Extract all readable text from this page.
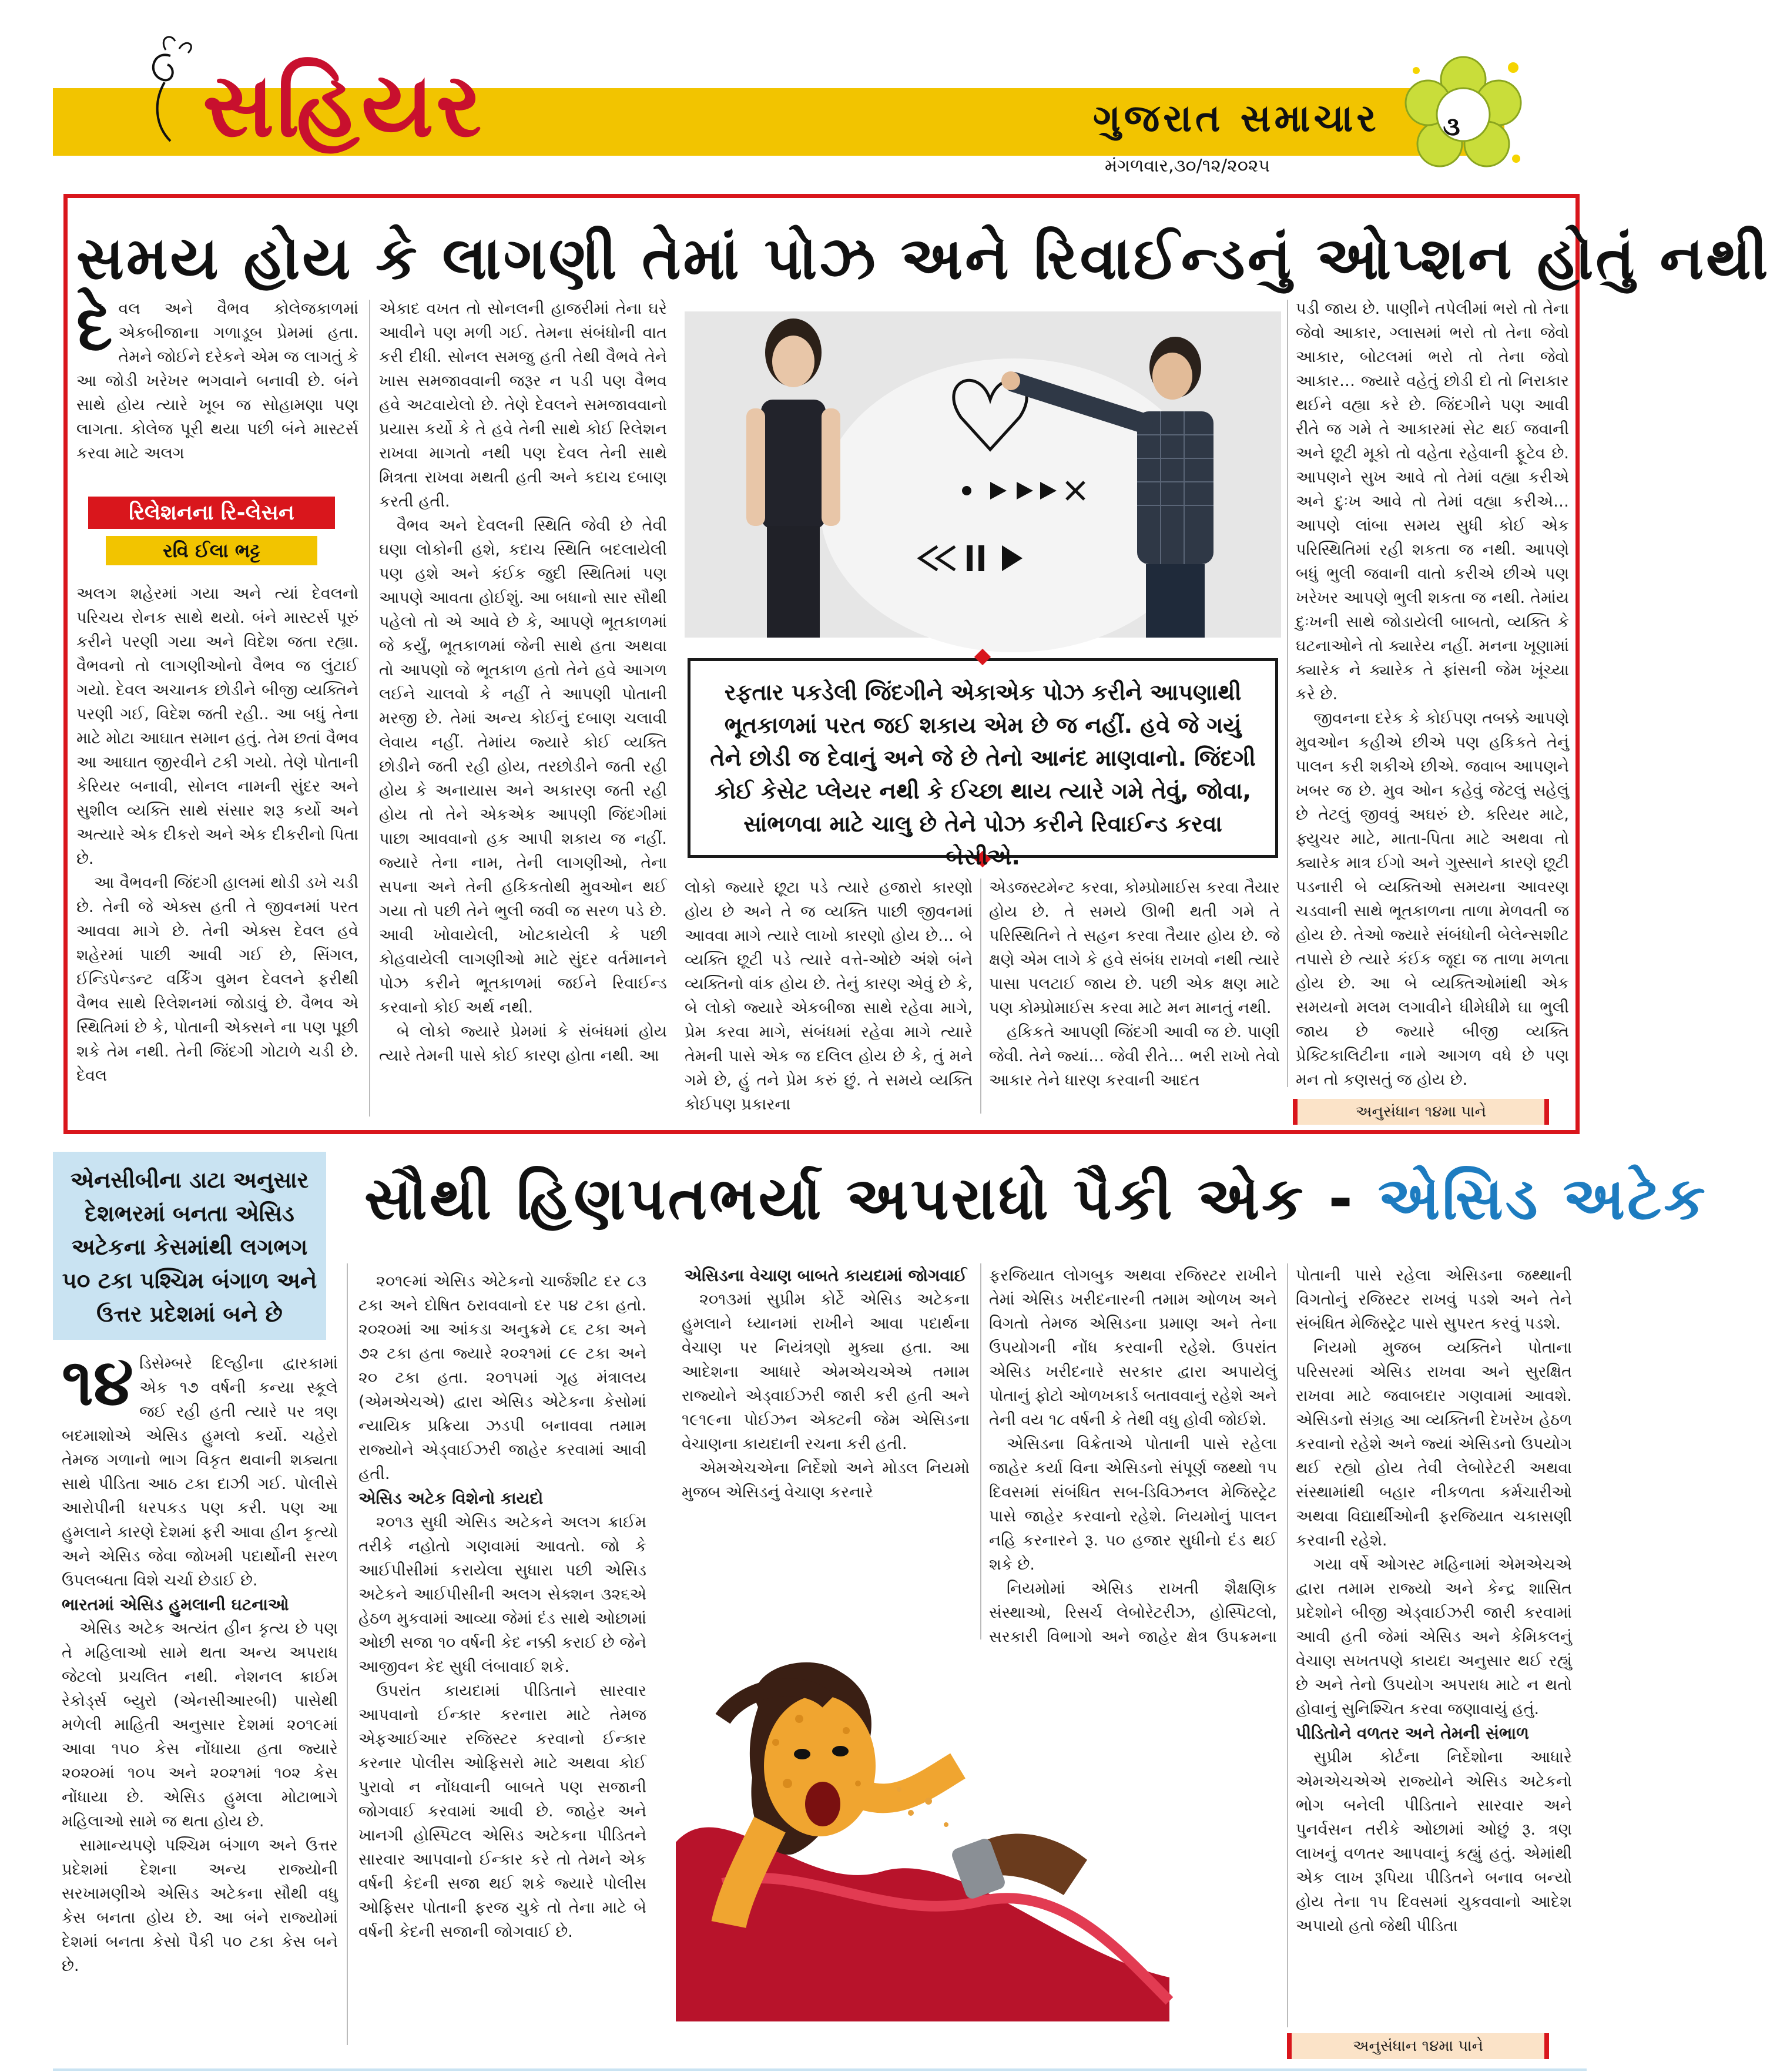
સહિયર	ગુજરાત સમાચાર
મંગળવાર,૩૦/૧૨/૨૦૨૫
૩
સમય હોય કે લાગણી તેમાં પોઝ અને રિવાઈન્ડનું ઓપ્શન હોતું નથી
દે વલ અને વૈભવ કોલેજકાળમાં એકબીજાના ગળાડૂબ પ્રેમમાં હતા. તેમને જોઈને દરેકને એમ જ લાગતું કે આ જોડી ખરેખર ભગવાને બનાવી છે. બંને સાથે હોય ત્યારે ખૂબ જ સોહામણા પણ લાગતા. કોલેજ પૂરી થયા પછી બંને માસ્ટર્સ કરવા માટે અલગ
રિલેશનના રિ-લેસન
રવિ ઈલા ભટ્ટ

અલગ શહેરમાં ગયા અને ત્યાં દેવલનો પરિચય રોનક સાથે થયો. બંને માસ્ટર્સ પૂરું કરીને પરણી ગયા અને વિદેશ જતા રહ્યા. વૈભવનો તો લાગણીઓનો વૈભવ જ લુંટાઈ ગયો. દેવલ અચાનક છોડીને બીજી વ્યક્તિને પરણી ગઈ, વિદેશ જતી રહી.. આ બધું તેના માટે મોટા આઘાત સમાન હતું. તેમ છતાં વૈભવ આ આઘાત જીરવીને ટકી ગયો. તેણે પોતાની કેરિયર બનાવી, સોનલ નામની સુંદર અને સુશીલ વ્યક્તિ સાથે સંસાર શરૂ કર્યો અને અત્યારે એક દીકરો અને એક દીકરીનો પિતા છે.

આ વૈભવની જિંદગી હાલમાં થોડી ડખે ચડી છે. તેની જે એક્સ હતી તે જીવનમાં પરત આવવા માગે છે. તેની એક્સ દેવલ હવે શહેરમાં પાછી આવી ગઈ છે, સિંગલ, ઈન્ડિપેન્ડન્ટ વર્કિંગ વુમન દેવલને ફરીથી વૈભવ સાથે રિલેશનમાં જોડાવું છે. વૈભવ એ સ્થિતિમાં છે કે, પોતાની એક્સને ના પણ પૂછી શકે તેમ નથી. તેની જિંદગી ગોટાળે ચડી છે. દેવલ

એકાદ વખત તો સોનલની હાજરીમાં તેના ઘરે આવીને પણ મળી ગઈ. તેમના સંબંધોની વાત કરી દીધી. સોનલ સમજુ હતી તેથી વૈભવે તેને ખાસ સમજાવવાની જરૂર ન પડી પણ વૈભવ હવે અટવાયેલો છે. તેણે દેવલને સમજાવવાનો પ્રયાસ કર્યો કે તે હવે તેની સાથે કોઈ રિલેશન રાખવા માગતો નથી પણ દેવલ તેની સાથે મિત્રતા રાખવા મથતી હતી અને કદાચ દબાણ કરતી હતી.

વૈભવ અને દેવલની સ્થિતિ જેવી છે તેવી ઘણા લોકોની હશે, કદાચ સ્થિતિ બદલાયેલી પણ હશે અને કંઈક જુદી સ્થિતિમાં પણ આપણે આવતા હોઈશું. આ બધાનો સાર સૌથી પહેલો તો એ આવે છે કે, આપણે ભૂતકાળમાં જે કર્યું, ભૂતકાળમાં જેની સાથે હતા અથવા તો આપણો જે ભૂતકાળ હતો તેને હવે આગળ લઈને ચાલવો કે નહીં તે આપણી પોતાની મરજી છે. તેમાં અન્ય કોઈનું દબાણ ચલાવી લેવાય નહીં. તેમાંય જ્યારે કોઈ વ્યક્તિ છોડીને જતી રહી હોય, તરછોડીને જતી રહી હોય કે અનાયાસ અને અકારણ જતી રહી હોય તો તેને એકએક આપણી જિંદગીમાં પાછા આવવાનો હક આપી શકાય જ નહીં. જ્યારે તેના નામ, તેની લાગણીઓ, તેના સપના અને તેની હકિકતોથી મુવઓન થઈ ગયા તો પછી તેને ભુલી જવી જ સરળ પડે છે. આવી ખોવાયેલી, ખોટકાયેલી કે પછી કોહવાયેલી લાગણીઓ માટે સુંદર વર્તમાનને પોઝ કરીને ભૂતકાળમાં જઈને રિવાઈન્ડ કરવાનો કોઈ અર્થ નથી.

બે લોકો જ્યારે પ્રેમમાં કે સંબંધમાં હોય ત્યારે તેમની પાસે કોઈ કારણ હોતા નથી. આ

રફતાર પકડેલી જિંદગીને એકાએક પોઝ કરીને આપણાથી ભૂતકાળમાં પરત જઈ શકાય એમ છે જ નહીં. હવે જે ગયું તેને છોડી જ દેવાનું અને જે છે તેનો આનંદ માણવાનો. જિંદગી કોઈ કેસેટ પ્લેયર નથી કે ઈચ્છા થાય ત્યારે ગમે તેવું, જોવા, સાંભળવા માટે ચાલુ છે તેને પોઝ કરીને રિવાઈન્ડ કરવા બેસીએ.

લોકો જ્યારે છૂટા પડે ત્યારે હજારો કારણો હોય છે અને તે જ વ્યક્તિ પાછી જીવનમાં આવવા માગે ત્યારે લાખો કારણો હોય છે… બે વ્યક્તિ છૂટી પડે ત્યારે વત્તે-ઓછે અંશે બંને વ્યક્તિનો વાંક હોય છે. તેનું કારણ એવું છે કે, બે લોકો જ્યારે એકબીજા સાથે રહેવા માગે, પ્રેમ કરવા માગે, સંબંધમાં રહેવા માગે ત્યારે તેમની પાસે એક જ દલિલ હોય છે કે, તું મને ગમે છે, હું તને પ્રેમ કરું છું. તે સમયે વ્યક્તિ કોઈપણ પ્રકારના

એડજસ્ટમેન્ટ કરવા, કોમ્પ્રોમાઈસ કરવા તૈયાર હોય છે. તે સમયે ઊભી થતી ગમે તે પરિસ્થિતિને તે સહન કરવા તૈયાર હોય છે. જે ક્ષણે એમ લાગે કે હવે સંબંધ રાખવો નથી ત્યારે પાસા પલટાઈ જાય છે. પછી એક ક્ષણ માટે પણ કોમ્પ્રોમાઈસ કરવા માટે મન માનતું નથી.

હકિકતે આપણી જિંદગી આવી જ છે. પાણી જેવી. તેને જ્યાં… જેવી રીતે… ભરી રાખો તેવો આકાર તેને ધારણ કરવાની આદત

પડી જાય છે. પાણીને તપેલીમાં ભરો તો તેના જેવો આકાર, ગ્લાસમાં ભરો તો તેના જેવો આકાર, બોટલમાં ભરો તો તેના જેવો આકાર… જ્યારે વહેતું છોડી દો તો નિરાકાર થઈને વહ્યા કરે છે. જિંદગીને પણ આવી રીતે જ ગમે તે આકારમાં સેટ થઈ જવાની અને છૂટી મૂકો તો વહેતા રહેવાની ફૂટેવ છે. આપણને સુખ આવે તો તેમાં વહ્યા કરીએ અને દુઃખ આવે તો તેમાં વહ્યા કરીએ… આપણે લાંબા સમય સુધી કોઈ એક પરિસ્થિતિમાં રહી શકતા જ નથી. આપણે બધું ભુલી જવાની વાતો કરીએ છીએ પણ ખરેખર આપણે ભુલી શકતા જ નથી. તેમાંય દુઃખની સાથે જોડાયેલી બાબતો, વ્યક્તિ કે ઘટનાઓને તો ક્યારેય નહીં. મનના ખૂણામાં ક્યારેક ને ક્યારેક તે ફાંસની જેમ ખૂંચ્યા કરે છે.

જીવનના દરેક કે કોઈપણ તબક્કે આપણે મુવઓન કહીએ છીએ પણ હકિકતે તેનું પાલન કરી શકીએ છીએ. જવાબ આપણને ખબર જ છે. મુવ ઓન કહેવું જેટલું સહેલું છે તેટલું જીવવું અઘરું છે. કરિયર માટે, ફ્યુચર માટે, માતા-પિતા માટે અથવા તો ક્યારેક માત્ર ઈગો અને ગુસ્સાને કારણે છૂટી પડનારી બે વ્યક્તિઓ સમયના આવરણ ચડવાની સાથે ભૂતકાળના તાળા મેળવતી જ હોય છે. તેઓ જ્યારે સંબંધોની બેલેન્સશીટ તપાસે છે ત્યારે કંઈક જૂદા જ તાળા મળતા હોય છે. આ બે વ્યક્તિઓમાંથી એક સમયનો મલમ લગાવીને ધીમેધીમે ઘા ભુલી જાય છે જ્યારે બીજી વ્યક્તિ પ્રેક્ટિકાલિટીના નામે આગળ વધે છે પણ મન તો કણસતું જ હોય છે.

અનુસંધાન ૧૪મા પાને
એનસીબીના ડાટા અનુસાર દેશભરમાં બનતા એસિડ અટેકના કેસમાંથી લગભગ ૫૦ ટકા પશ્ચિમ બંગાળ અને ઉત્તર પ્રદેશમાં બને છે
સૌથી હિણપતભર્યા અપરાધો પૈકી એક - એસિડ અટેક

૧૪ ડિસેમ્બરે દિલ્હીના દ્વારકામાં એક ૧૭ વર્ષની કન્યા સ્કૂલે જઈ રહી હતી ત્યારે પર ત્રણ બદમાશોએ એસિડ હુમલો કર્યો. ચહેરો તેમજ ગળાનો ભાગ વિકૃત થવાની શક્યતા સાથે પીડિતા આઠ ટકા દાઝી ગઈ. પોલીસે આરોપીની ધરપકડ પણ કરી. પણ આ હુમલાને કારણે દેશમાં ફરી આવા હીન કૃત્યો અને એસિડ જેવા જોખમી પદાર્થોની સરળ ઉપલબ્ધતા વિશે ચર્ચા છેડાઈ છે.

ભારતમાં એસિડ હુમલાની ઘટનાઓ

એસિડ અટેક અત્યંત હીન કૃત્ય છે પણ તે મહિલાઓ સામે થતા અન્ય અપરાધ જેટલો પ્રચલિત નથી. નેશનલ ક્રાઈમ રેકોર્ડ્સ બ્યુરો (એનસીઆરબી) પાસેથી મળેલી માહિતી અનુસાર દેશમાં ૨૦૧૯માં આવા ૧૫૦ કેસ નોંધાયા હતા જ્યારે ૨૦૨૦માં ૧૦૫ અને ૨૦૨૧માં ૧૦૨ કેસ નોંધાયા છે. એસિડ હુમલા મોટાભાગે મહિલાઓ સામે જ થતા હોય છે.

સામાન્યપણે પશ્ચિમ બંગાળ અને ઉત્તર પ્રદેશમાં દેશના અન્ય રાજ્યોની સરખામણીએ એસિડ અટેકના સૌથી વધુ કેસ બનતા હોય છે. આ બંને રાજ્યોમાં દેશમાં બનતા કેસો પૈકી ૫૦ ટકા કેસ બને છે.

૨૦૧૯માં એસિડ એટેકનો ચાર્જશીટ દર ૮૩ ટકા અને દોષિત ઠરાવવાનો દર ૫૪ ટકા હતો. ૨૦૨૦માં આ આંકડા અનુક્રમે ૮૬ ટકા અને ૭૨ ટકા હતા જ્યારે ૨૦૨૧માં ૮૯ ટકા અને ૨૦ ટકા હતા. ૨૦૧૫માં ગૃહ મંત્રાલય (એમએચએ) દ્વારા એસિડ એટેકના કેસોમાં ન્યાયિક પ્રક્રિયા ઝડપી બનાવવા તમામ રાજ્યોને એડ્વાઈઝરી જાહેર કરવામાં આવી હતી.

એસિડ અટેક વિશેનો કાયદો

૨૦૧૩ સુધી એસિડ અટેકને અલગ ક્રાઈમ તરીકે નહોતો ગણવામાં આવતો. જો કે આઈપીસીમાં કરાયેલા સુધારા પછી એસિડ અટેકને આઈપીસીની અલગ સેક્શન ૩૨૬એ હેઠળ મુકવામાં આવ્યા જેમાં દંડ સાથે ઓછામાં ઓછી સજા ૧૦ વર્ષની કેદ નક્કી કરાઈ છે જેને આજીવન કેદ સુધી લંબાવાઈ શકે.

ઉપરાંત કાયદામાં પીડિતાને સારવાર આપવાનો ઈન્કાર કરનારા માટે તેમજ એફઆઈઆર રજિસ્ટર કરવાનો ઈન્કાર કરનાર પોલીસ ઓફિસરો માટે અથવા કોઈ પુરાવો ન નોંધવાની બાબતે પણ સજાની જોગવાઈ કરવામાં આવી છે. જાહેર અને ખાનગી હોસ્પિટલ એસિડ અટેકના પીડિતને સારવાર આપવાનો ઈન્કાર કરે તો તેમને એક વર્ષની કેદની સજા થઈ શકે જ્યારે પોલીસ ઓફિસર પોતાની ફરજ ચુકે તો તેના માટે બે વર્ષની કેદની સજાની જોગવાઈ છે.

એસિડના વેચાણ બાબતે કાયદામાં જોગવાઈ

૨૦૧૩માં સુપ્રીમ કોર્ટે એસિડ અટેકના હુમલાને ધ્યાનમાં રાખીને આવા પદાર્થના વેચાણ પર નિયંત્રણો મુક્યા હતા. આ આદેશના આધારે એમએચએએ તમામ રાજ્યોને એડ્વાઈઝરી જારી કરી હતી અને ૧૯૧૯ના પોઈઝન એક્ટની જેમ એસિડના વેચાણના કાયદાની રચના કરી હતી.

એમએચએના નિર્દેશો અને મોડલ નિયમો મુજબ એસિડનું વેચાણ કરનારે

ફરજિયાત લોગબુક અથવા રજિસ્ટર રાખીને તેમાં એસિડ ખરીદનારની તમામ ઓળખ અને વિગતો તેમજ એસિડના પ્રમાણ અને તેના ઉપયોગની નોંધ કરવાની રહેશે. ઉપરાંત એસિડ ખરીદનારે સરકાર દ્વારા અપાયેલું પોતાનું ફોટો ઓળખકાર્ડ બતાવવાનું રહેશે અને તેની વય ૧૮ વર્ષની કે તેથી વધુ હોવી જોઈશે.

એસિડના વિક્રેતાએ પોતાની પાસે રહેલા જાહેર કર્યા વિના એસિડનો સંપૂર્ણ જથ્થો ૧૫ દિવસમાં સંબંધિત સબ-ડિવિઝનલ મેજિસ્ટ્રેટ પાસે જાહેર કરવાનો રહેશે. નિયમોનું પાલન નહિ કરનારને રૂ. ૫૦ હજાર સુધીનો દંડ થઈ શકે છે.

નિયમોમાં એસિડ રાખતી શૈક્ષણિક સંસ્થાઓ, રિસર્ચ લેબોરેટરીઝ, હોસ્પિટલો, સરકારી વિભાગો અને જાહેર ક્ષેત્ર ઉપક્રમના

પોતાની પાસે રહેલા એસિડના જથ્થાની વિગતોનું રજિસ્ટર રાખવું પડશે અને તેને સંબંધિત મેજિસ્ટ્રેટ પાસે સુપરત કરવું પડશે.

નિયમો મુજબ વ્યક્તિને પોતાના પરિસરમાં એસિડ રાખવા અને સુરક્ષિત રાખવા માટે જવાબદાર ગણવામાં આવશે. એસિડનો સંગ્રહ આ વ્યક્તિની દેખરેખ હેઠળ કરવાનો રહેશે અને જ્યાં એસિડનો ઉપયોગ થઈ રહ્યો હોય તેવી લેબોરેટરી અથવા સંસ્થામાંથી બહાર નીકળતા કર્મચારીઓ અથવા વિદ્યાર્થીઓની ફરજિયાત ચકાસણી કરવાની રહેશે.

ગયા વર્ષે ઓગસ્ટ મહિનામાં એમએચએ દ્વારા તમામ રાજ્યો અને કેન્દ્ર શાસિત પ્રદેશોને બીજી એડ્વાઈઝરી જારી કરવામાં આવી હતી જેમાં એસિડ અને કેમિકલનું વેચાણ સખતપણે કાયદા અનુસાર થઈ રહ્યું છે અને તેનો ઉપયોગ અપરાધ માટે ન થતો હોવાનું સુનિશ્ચિત કરવા જણાવાયું હતું.

પીડિતોને વળતર અને તેમની સંભાળ

સુપ્રીમ કોર્ટના નિર્દેશોના આધારે એમએચએએ રાજ્યોને એસિડ અટેકનો ભોગ બનેલી પીડિતાને સારવાર અને પુનર્વસન તરીકે ઓછામાં ઓછું રૂ. ત્રણ લાખનું વળતર આપવાનું કહ્યું હતું. એમાંથી એક લાખ રૂપિયા પીડિતને બનાવ બન્યો હોય તેના ૧૫ દિવસમાં ચુકવવાનો આદેશ અપાયો હતો જેથી પીડિતા

અનુસંધાન ૧૪મા પાને
